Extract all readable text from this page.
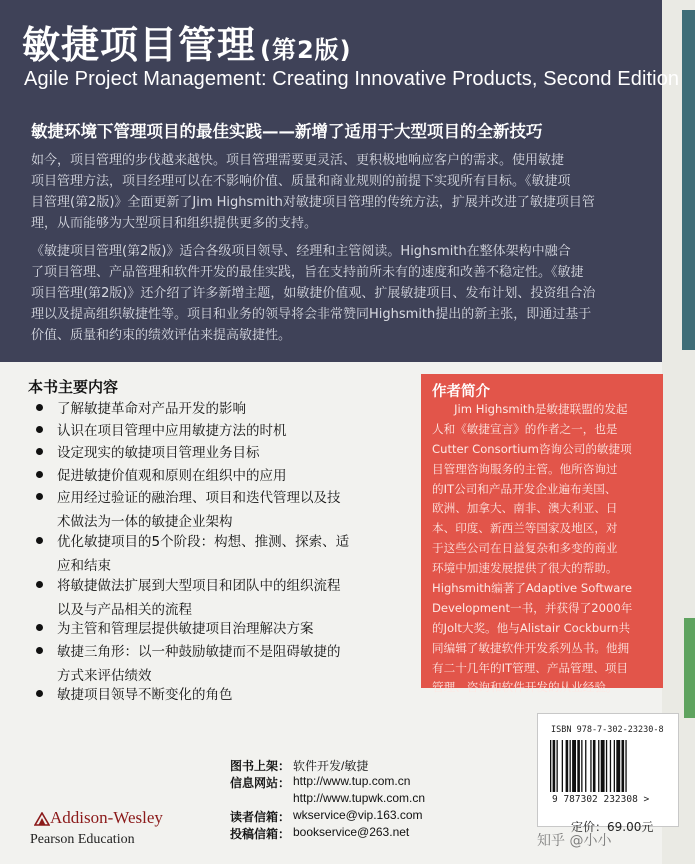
敏捷项目管理 (第2版)
Agile Project Management: Creating Innovative Products, Second Edition
敏捷环境下管理项目的最佳实践——新增了适用于大型项目的全新技巧
如今，项目管理的步伐越来越快。项目管理需要更灵活、更积极地响应客户的需求。使用敏捷
项目管理方法，项目经理可以在不影响价值、质量和商业规则的前提下实现所有目标。《敏捷项
目管理(第2版)》全面更新了Jim Highsmith对敏捷项目管理的传统方法，扩展并改进了敏捷项目管
理，从而能够为大型项目和组织提供更多的支持。
《敏捷项目管理(第2版)》适合各级项目领导、经理和主管阅读。Highsmith在整体架构中融合
了项目管理、产品管理和软件开发的最佳实践，旨在支持前所未有的速度和改善不稳定性。《敏捷
项目管理(第2版)》还介绍了许多新增主题，如敏捷价值观、扩展敏捷项目、发布计划、投资组合治
理以及提高组织敏捷性等。项目和业务的领导将会非常赞同Highsmith提出的新主张，即通过基于
价值、质量和约束的绩效评估来提高敏捷性。
本书主要内容
了解敏捷革命对产品开发的影响
认识在项目管理中应用敏捷方法的时机
设定现实的敏捷项目管理业务目标
促进敏捷价值观和原则在组织中的应用
应用经过验证的融治理、项目和迭代管理以及技
术做法为一体的敏捷企业架构
优化敏捷项目的5个阶段：构想、推测、探索、适
应和结束
将敏捷做法扩展到大型项目和团队中的组织流程
以及与产品相关的流程
为主管和管理层提供敏捷项目治理解决方案
敏捷三角形：以一种鼓励敏捷而不是阻碍敏捷的
方式来评估绩效
敏捷项目领导不断变化的角色
作者简介
Jim Highsmith是敏捷联盟的发起
人和《敏捷宣言》的作者之一，也是
Cutter Consortium咨询公司的敏捷项
目管理咨询服务的主管。他所咨询过
的IT公司和产品开发企业遍布美国、
欧洲、加拿大、南非、澳大利亚、日
本、印度、新西兰等国家及地区，对
于这些公司在日益复杂和多变的商业
环境中加速发展提供了很大的帮助。
Highsmith编著了Adaptive Software
Development一书，并获得了2000年
的Jolt大奖。他与Alistair Cockburn共
同编辑了敏捷软件开发系列丛书。他拥
有二十几年的IT管理、产品管理、项目
管理、咨询和软件开发的从业经验。
图书上架： 软件开发/敏捷
信息网站： http://www.tup.com.cn
http://www.tupwk.com.cn
读者信箱： wkservice@vip.163.com
投稿信箱： bookservice@263.net
Addison-Wesley
Pearson Education
ISBN 978-7-302-23230-8
9 787302 232308 >
定价：69.00元
知乎 @小小
